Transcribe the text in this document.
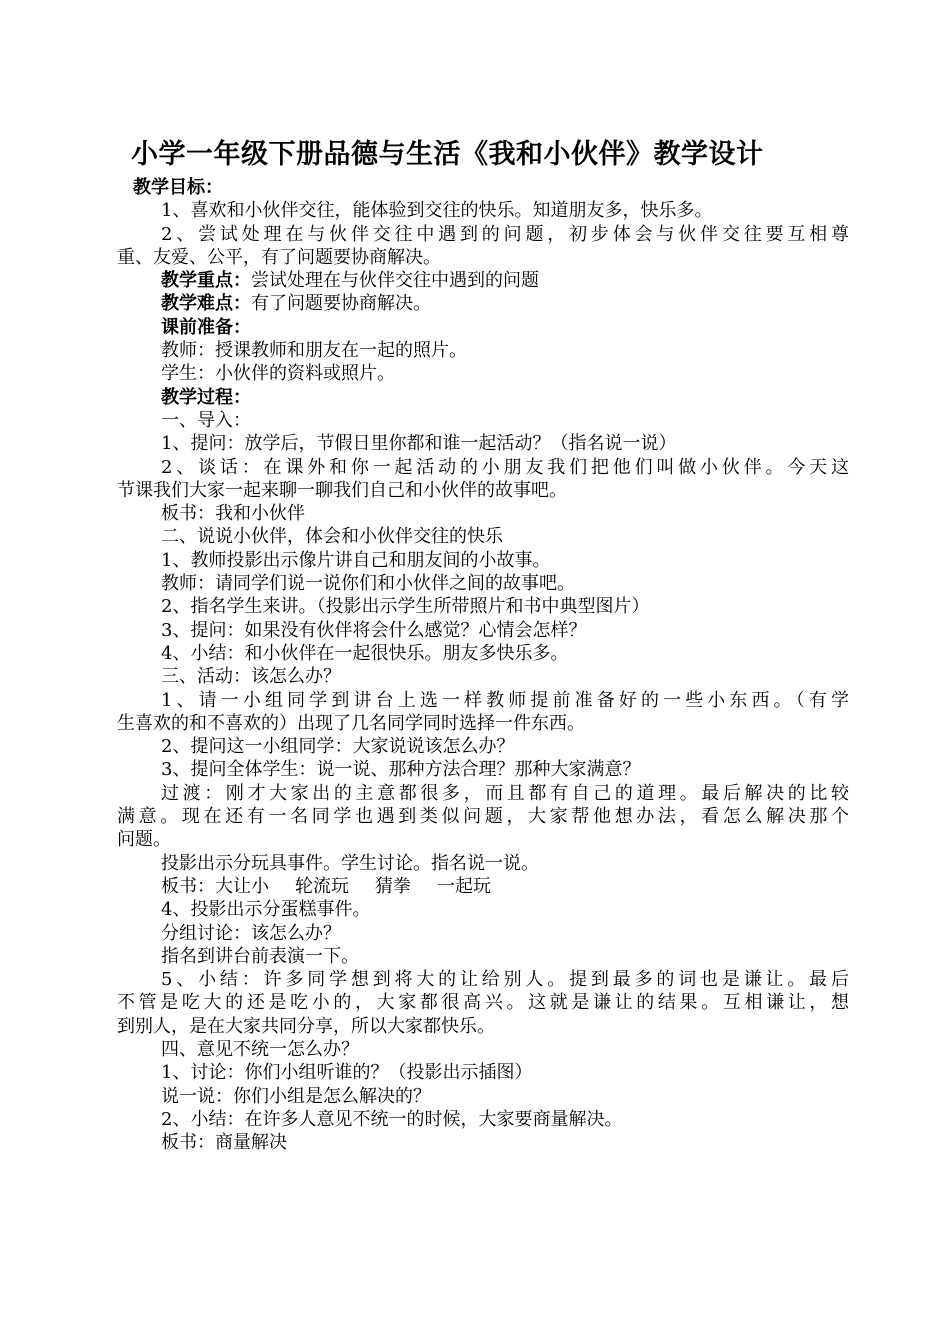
小学一年级下册品德与生活《我和小伙伴》教学设计
教学目标：
1、喜欢和小伙伴交往，能体验到交往的快乐。知道朋友多，快乐多。
2、尝试处理在与伙伴交往中遇到的问题，初步体会与伙伴交往要互相尊
重、友爱、公平，有了问题要协商解决。
教学重点：尝试处理在与伙伴交往中遇到的问题
教学难点：有了问题要协商解决。
课前准备：
教师：授课教师和朋友在一起的照片。
学生：小伙伴的资料或照片。
教学过程：
一、导入：
1、提问：放学后，节假日里你都和谁一起活动？（指名说一说）
2、谈话：在课外和你一起活动的小朋友我们把他们叫做小伙伴。今天这
节课我们大家一起来聊一聊我们自己和小伙伴的故事吧。
板书：我和小伙伴
二、说说小伙伴，体会和小伙伴交往的快乐
1、教师投影出示像片讲自己和朋友间的小故事。
教师：请同学们说一说你们和小伙伴之间的故事吧。
2、指名学生来讲。（投影出示学生所带照片和书中典型图片）
3、提问：如果没有伙伴将会什么感觉？心情会怎样？
4、小结：和小伙伴在一起很快乐。朋友多快乐多。
三、活动：该怎么办？
1、请一小组同学到讲台上选一样教师提前准备好的一些小东西。（有学
生喜欢的和不喜欢的）出现了几名同学同时选择一件东西。
2、提问这一小组同学：大家说说该怎么办？
3、提问全体学生：说一说、那种方法合理？那种大家满意？
过渡：刚才大家出的主意都很多，而且都有自己的道理。最后解决的比较
满意。现在还有一名同学也遇到类似问题，大家帮他想办法，看怎么解决那个
问题。
投影出示分玩具事件。学生讨论。指名说一说。
板书：大让小 轮流玩 猜拳 一起玩
4、投影出示分蛋糕事件。
分组讨论：该怎么办？
指名到讲台前表演一下。
5、小结：许多同学想到将大的让给别人。提到最多的词也是谦让。最后
不管是吃大的还是吃小的，大家都很高兴。这就是谦让的结果。互相谦让，想
到别人，是在大家共同分享，所以大家都快乐。
四、意见不统一怎么办？
1、讨论：你们小组听谁的？（投影出示插图）
说一说：你们小组是怎么解决的？
2、小结：在许多人意见不统一的时候，大家要商量解决。
板书：商量解决
